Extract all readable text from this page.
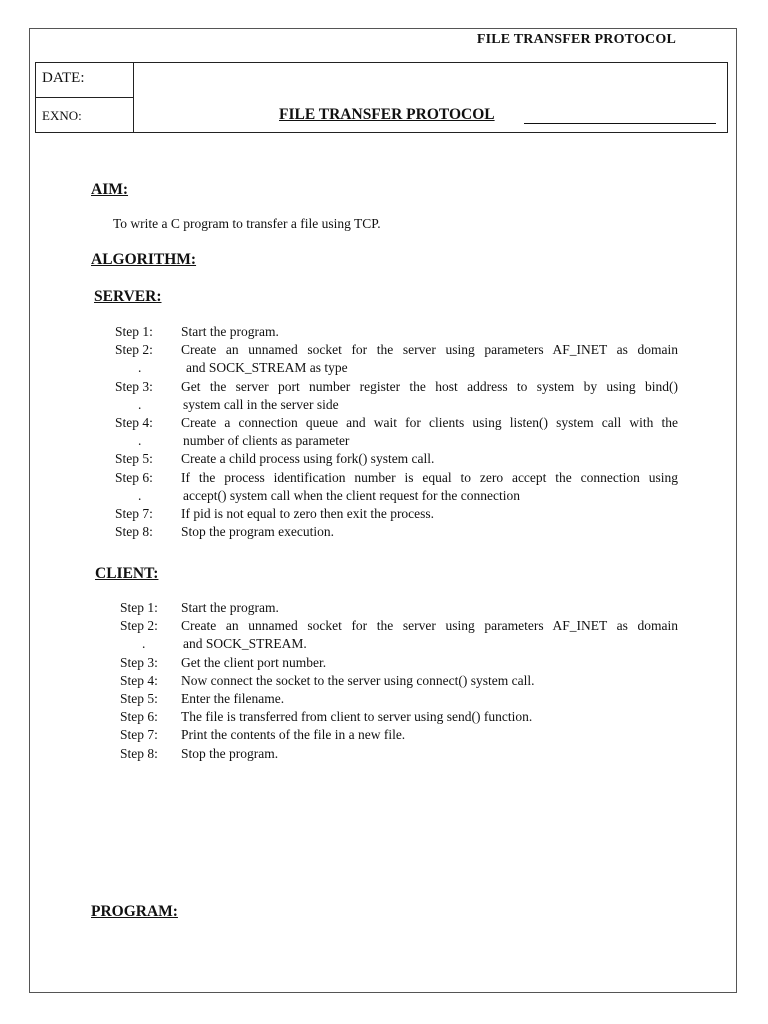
FILE TRANSFER PROTOCOL
DATE:
EXNO:	FILE TRANSFER PROTOCOL
AIM:
To write a C program to transfer a file using TCP.
ALGORITHM:
SERVER:
Step 1: Start the program.
Step 2:
.
Create an unnamed socket for the server using parameters AF_INET as domain
and SOCK_STREAM as type
Step 3:
.
Get the server port number register the host address to system by using bind()
system call in the server side
Step 4:
.
Create a connection queue and wait for clients using listen() system call with the
number of clients as parameter
Step 5: Create a child process using fork() system call.
Step 6:
.
If the process identification number is equal to zero accept the connection using
accept() system call when the client request for the connection
Step 7: If pid is not equal to zero then exit the process.
Step 8: Stop the program execution.
CLIENT:
Step 1: Start the program.
Step 2:
.
Create an unnamed socket for the server using parameters AF_INET as domain
and SOCK_STREAM.
Step 3: Get the client port number.
Step 4: Now connect the socket to the server using connect() system call.
Step 5: Enter the filename.
Step 6: The file is transferred from client to server using send() function.
Step 7: Print the contents of the file in a new file.
Step 8: Stop the program.
PROGRAM:
